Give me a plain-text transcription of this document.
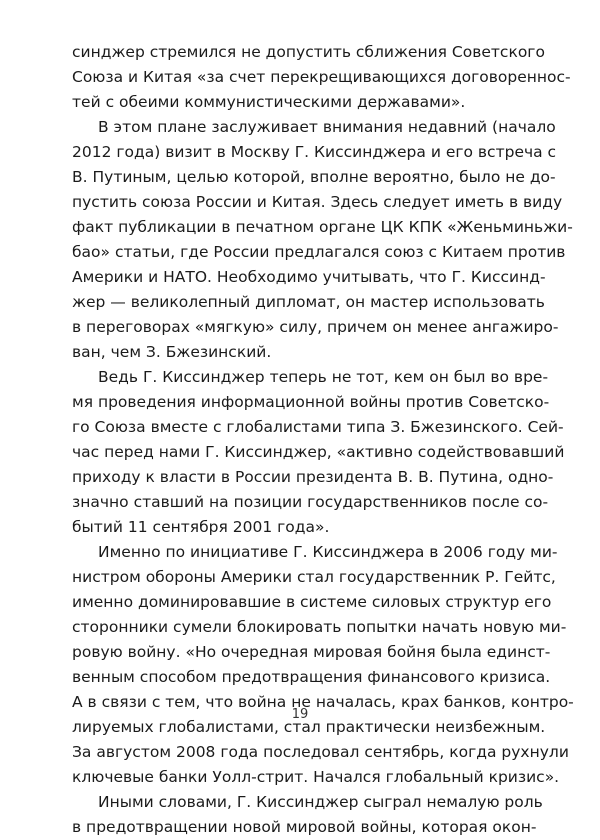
синджер стремился не допустить сближения Советского
Союза и Китая «за счет перекрещивающихся договореннос-
тей с обеими коммунистическими державами».
В этом плане заслуживает внимания недавний (начало
2012 года) визит в Москву Г. Киссинджера и его встреча с
В. Путиным, целью которой, вполне вероятно, было не до-
пустить союза России и Китая. Здесь следует иметь в виду
факт публикации в печатном органе ЦК КПК «Женьминьжи-
бао» статьи, где России предлагался союз с Китаем против
Америки и НАТО. Необходимо учитывать, что Г. Киссинд-
жер — великолепный дипломат, он мастер использовать
в переговорах «мягкую» силу, причем он менее ангажиро-
ван, чем З. Бжезинский.
Ведь Г. Киссинджер теперь не тот, кем он был во вре-
мя проведения информационной войны против Советско-
го Союза вместе с глобалистами типа З. Бжезинского. Сей-
час перед нами Г. Киссинджер, «активно содействовавший
приходу к власти в России президента В. В. Путина, одно-
значно ставший на позиции государственников после со-
бытий 11 сентября 2001 года».
Именно по инициативе Г. Киссинджера в 2006 году ми-
нистром обороны Америки стал государственник Р. Гейтс,
именно доминировавшие в системе силовых структур его
сторонники сумели блокировать попытки начать новую ми-
ровую войну. «Но очередная мировая бойня была единст-
венным способом предотвращения финансового кризиса.
А в связи с тем, что война не началась, крах банков, контро-
лируемых глобалистами, стал практически неизбежным.
За августом 2008 года последовал сентябрь, когда рухнули
ключевые банки Уолл-стрит. Начался глобальный кризис».
Иными словами, Г. Киссинджер сыграл немалую роль
в предотвращении новой мировой войны, которая окон-
19
